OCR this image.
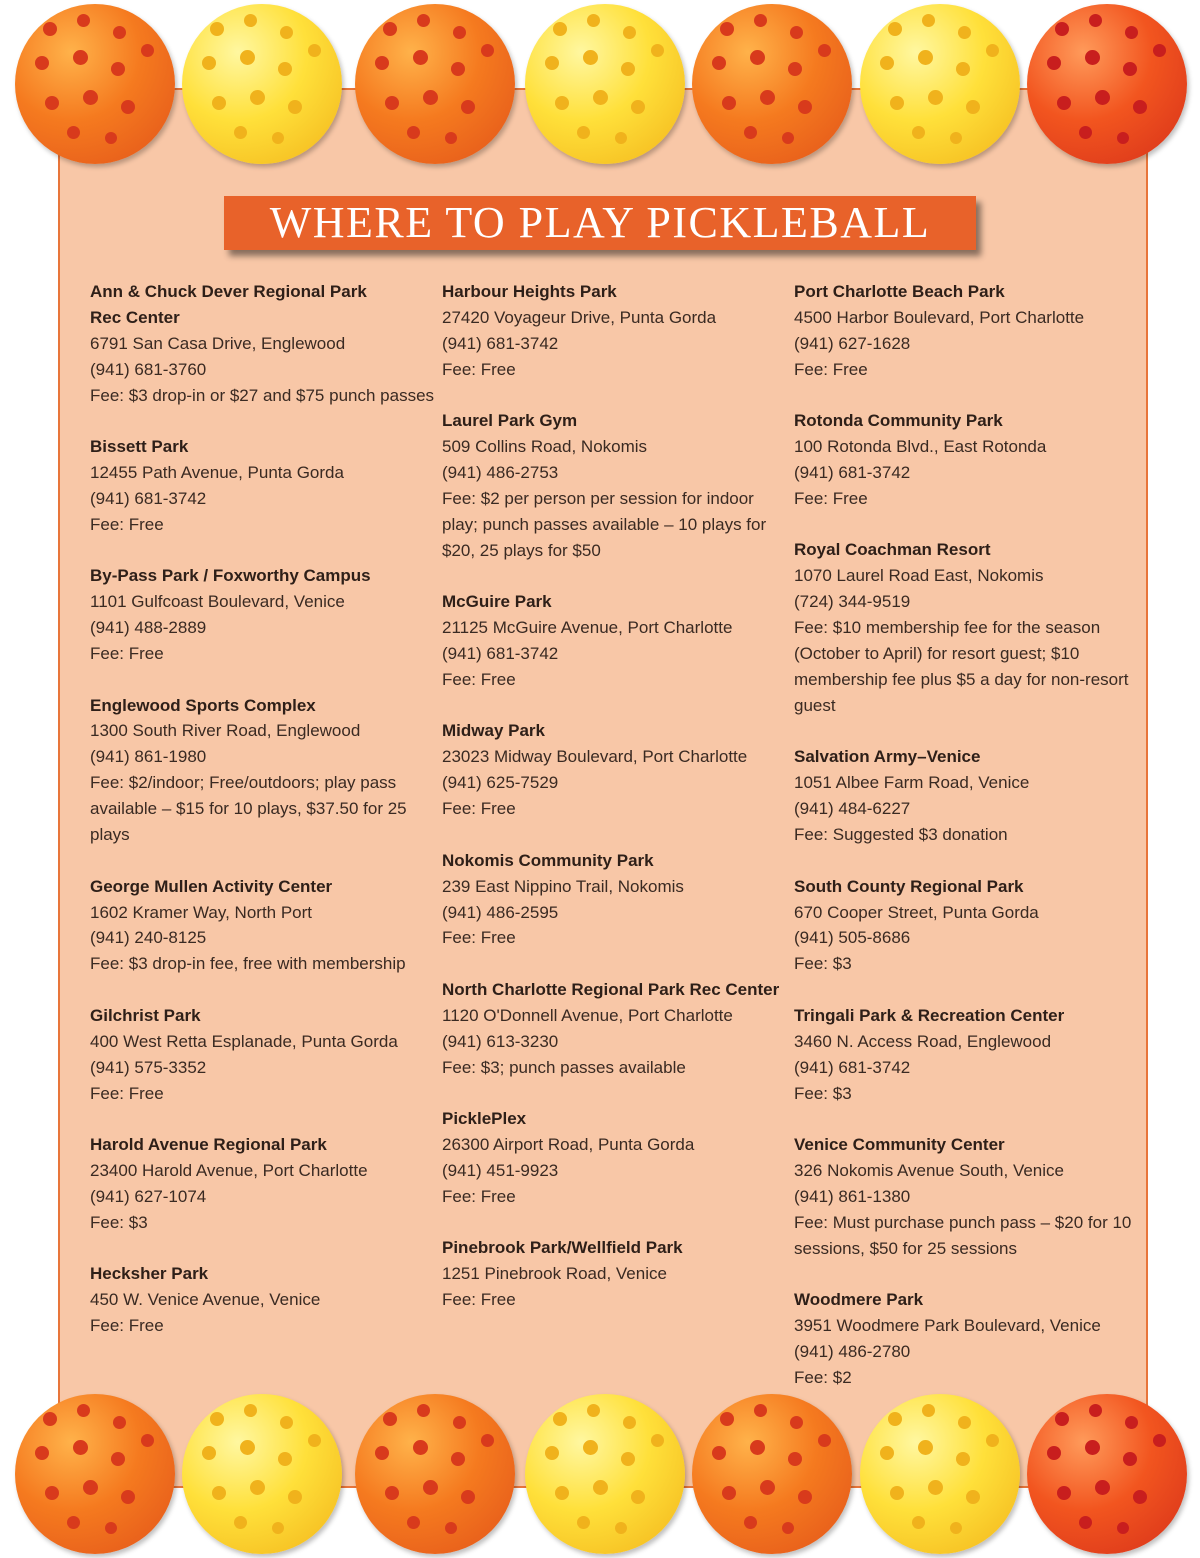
WHERE TO PLAY PICKLEBALL
Ann & Chuck Dever Regional Park
Rec Center
6791 San Casa Drive, Englewood
(941) 681-3760
Fee: $3 drop-in or $27 and $75 punch passes
Bissett Park
12455 Path Avenue, Punta Gorda
(941) 681-3742
Fee: Free
By-Pass Park / Foxworthy Campus
1101 Gulfcoast Boulevard, Venice
(941) 488-2889
Fee: Free
Englewood Sports Complex
1300 South River Road, Englewood
(941) 861-1980
Fee: $2/indoor; Free/outdoors; play pass available – $15 for 10 plays, $37.50 for 25 plays
George Mullen Activity Center
1602 Kramer Way, North Port
(941) 240-8125
Fee: $3 drop-in fee, free with membership
Gilchrist Park
400 West Retta Esplanade, Punta Gorda
(941) 575-3352
Fee: Free
Harold Avenue Regional Park
23400 Harold Avenue, Port Charlotte
(941) 627-1074
Fee: $3
Hecksher Park
450 W. Venice Avenue, Venice
Fee: Free
Harbour Heights Park
27420 Voyageur Drive, Punta Gorda
(941) 681-3742
Fee: Free
Laurel Park Gym
509 Collins Road, Nokomis
(941) 486-2753
Fee: $2 per person per session for indoor play; punch passes available – 10 plays for $20, 25 plays for $50
McGuire Park
21125 McGuire Avenue, Port Charlotte
(941) 681-3742
Fee: Free
Midway Park
23023 Midway Boulevard, Port Charlotte
(941) 625-7529
Fee: Free
Nokomis Community Park
239 East Nippino Trail, Nokomis
(941) 486-2595
Fee: Free
North Charlotte Regional Park Rec Center
1120 O'Donnell Avenue, Port Charlotte
(941) 613-3230
Fee: $3; punch passes available
PicklePlex
26300 Airport Road, Punta Gorda
(941) 451-9923
Fee: Free
Pinebrook Park/Wellfield Park
1251 Pinebrook Road, Venice
Fee: Free
Port Charlotte Beach Park
4500 Harbor Boulevard, Port Charlotte
(941) 627-1628
Fee: Free
Rotonda Community Park
100 Rotonda Blvd., East Rotonda
(941) 681-3742
Fee: Free
Royal Coachman Resort
1070 Laurel Road East, Nokomis
(724) 344-9519
Fee: $10 membership fee for the season (October to April) for resort guest; $10 membership fee plus $5 a day for non-resort guest
Salvation Army–Venice
1051 Albee Farm Road, Venice
(941) 484-6227
Fee: Suggested $3 donation
South County Regional Park
670 Cooper Street, Punta Gorda
(941) 505-8686
Fee: $3
Tringali Park & Recreation Center
3460 N. Access Road, Englewood
(941) 681-3742
Fee: $3
Venice Community Center
326 Nokomis Avenue South, Venice
(941) 861-1380
Fee: Must purchase punch pass – $20 for 10 sessions, $50 for 25 sessions
Woodmere Park
3951 Woodmere Park Boulevard, Venice
(941) 486-2780
Fee: $2
